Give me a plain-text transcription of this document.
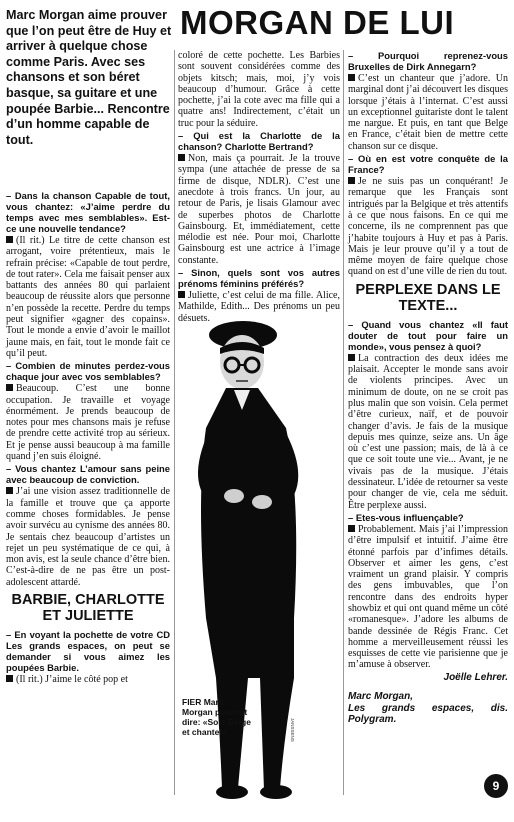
Marc Morgan aime prouver que l’on peut être de Huy et arriver à quelque chose comme Paris. Avec ses chansons et son béret basque, sa guitare et une poupée Barbie... Rencontre d’un homme capable de tout.
MORGAN DE LUI

– Dans la chanson Capable de tout, vous chantez: «J’aime perdre du temps avec mes semblables». Est-ce une nouvelle tendance?

(Il rit.) Le titre de cette chanson est arrogant, voire prétentieux, mais le refrain précise: «Capable de tout perdre, de tout rater». Cela me faisait penser aux battants des années 80 qui parlaient beaucoup de réussite alors que personne n’en possède la recette. Perdre du temps peut signifier «gagner des copains». Tout le monde a envie d’avoir le maillot jaune mais, en fait, tout le monde fait ce qu’il peut.

– Combien de minutes perdez-vous chaque jour avec vos semblables?

Beaucoup. C’est une bonne occupation. Je travaille et voyage énormément. Je prends beaucoup de notes pour mes chansons mais je refuse de prendre cette activité trop au sérieux. Et je pense aussi beaucoup à ma famille quand j’en suis éloigné.

– Vous chantez L’amour sans peine avec beaucoup de conviction.

J’ai une vision assez traditionnelle de la famille et trouve que ça apporte comme choses formidables. Je pense avoir survécu au cynisme des années 80. Je sentais chez beaucoup d’artistes un rejet un peu systématique de ce qui, à mon avis, est la seule chance d’être bien. C’est-à-dire de ne pas être un post-adolescent attardé.

BARBIE, CHARLOTTE ET JULIETTE

– En voyant la pochette de votre CD Les grands espaces, on peut se demander si vous aimez les poupées Barbie.

(Il rit.) J’aime le côté pop et

coloré de cette pochette. Les Barbies sont souvent considérées comme des objets kitsch; mais, moi, j’y vois beaucoup d’humour. Grâce à cette pochette, j’ai la cote avec ma fille qui a quatre ans! Indirectement, c’était un truc pour la séduire.

– Qui est la Charlotte de la chanson? Charlotte Bertrand?

Non, mais ça pourrait. Je la trouve sympa (une attachée de presse de sa firme de disque, NDLR). C’est une anecdote à trois francs. Un jour, au retour de Paris, je lisais Glamour avec de superbes photos de Charlotte Gainsbourg. Et, immédiatement, cette mélodie est née. Pour moi, Charlotte Gainsbourg est une actrice à l’image constante.

– Sinon, quels sont vos autres prénoms féminins préférés?

Juliette, c’est celui de ma fille. Alice, Mathilde, Edith... Des prénoms un peu désuets.

FIER Marc Morgan pourrait dire: «Sois Belge et chantel»	JANSSENS

– Pourquoi reprenez-vous Bruxelles de Dirk Annegarn?

C’est un chanteur que j’adore. Un marginal dont j’ai découvert les disques lorsque j’étais à l’internat. C’est aussi un exceptionnel guitariste dont le talent me nargue. Et puis, en tant que Belge en France, c’était bien de mettre cette chanson sur ce disque.

– Où en est votre conquête de la France?

Je ne suis pas un conquérant! Je remarque que les Français sont intrigués par la Belgique et très attentifs à ce que nous faisons. En ce qui me concerne, ils ne comprennent pas que j’habite toujours à Huy et pas à Paris. Mais je leur prouve qu’il y a tout de même moyen de faire quelque chose quand on est d’une ville de rien du tout.

PERPLEXE DANS LE TEXTE...

– Quand vous chantez «Il faut douter de tout pour faire un monde», vous pensez à quoi?

La contraction des deux idées me plaisait. Accepter le monde sans avoir de violents principes. Avec un minimum de doute, on ne se croit pas plus malin que son voisin. Cela permet d’être curieux, naïf, et de pouvoir changer d’avis. Je fais de la musique depuis mes quinze, seize ans. Un âge où c’est une passion; mais, de là à ce que ce soit toute une vie... Avant, je ne vivais pas de la musique. J’étais dessinateur. L’idée de retourner sa veste pour changer de vie, cela me séduit. Être perplexe aussi.

– Etes-vous influençable?

Probablement. Mais j’ai l’impression d’être impulsif et intuitif. J’aime être étonné parfois par d’infimes détails. Observer et aimer les gens, c’est vraiment un grand plaisir. Y compris des gens imbuvables, que l’on rencontre dans des endroits hyper showbiz et qui ont quand même un côté «romanesque». J’adore les albums de bande dessinée de Régis Franc. Cet homme a merveilleusement réussi les esquisses de cette vie parisienne que je m’amuse à observer.

Joëlle Lehrer.

Marc Morgan,
Les grands espaces, dis. Polygram.

9
